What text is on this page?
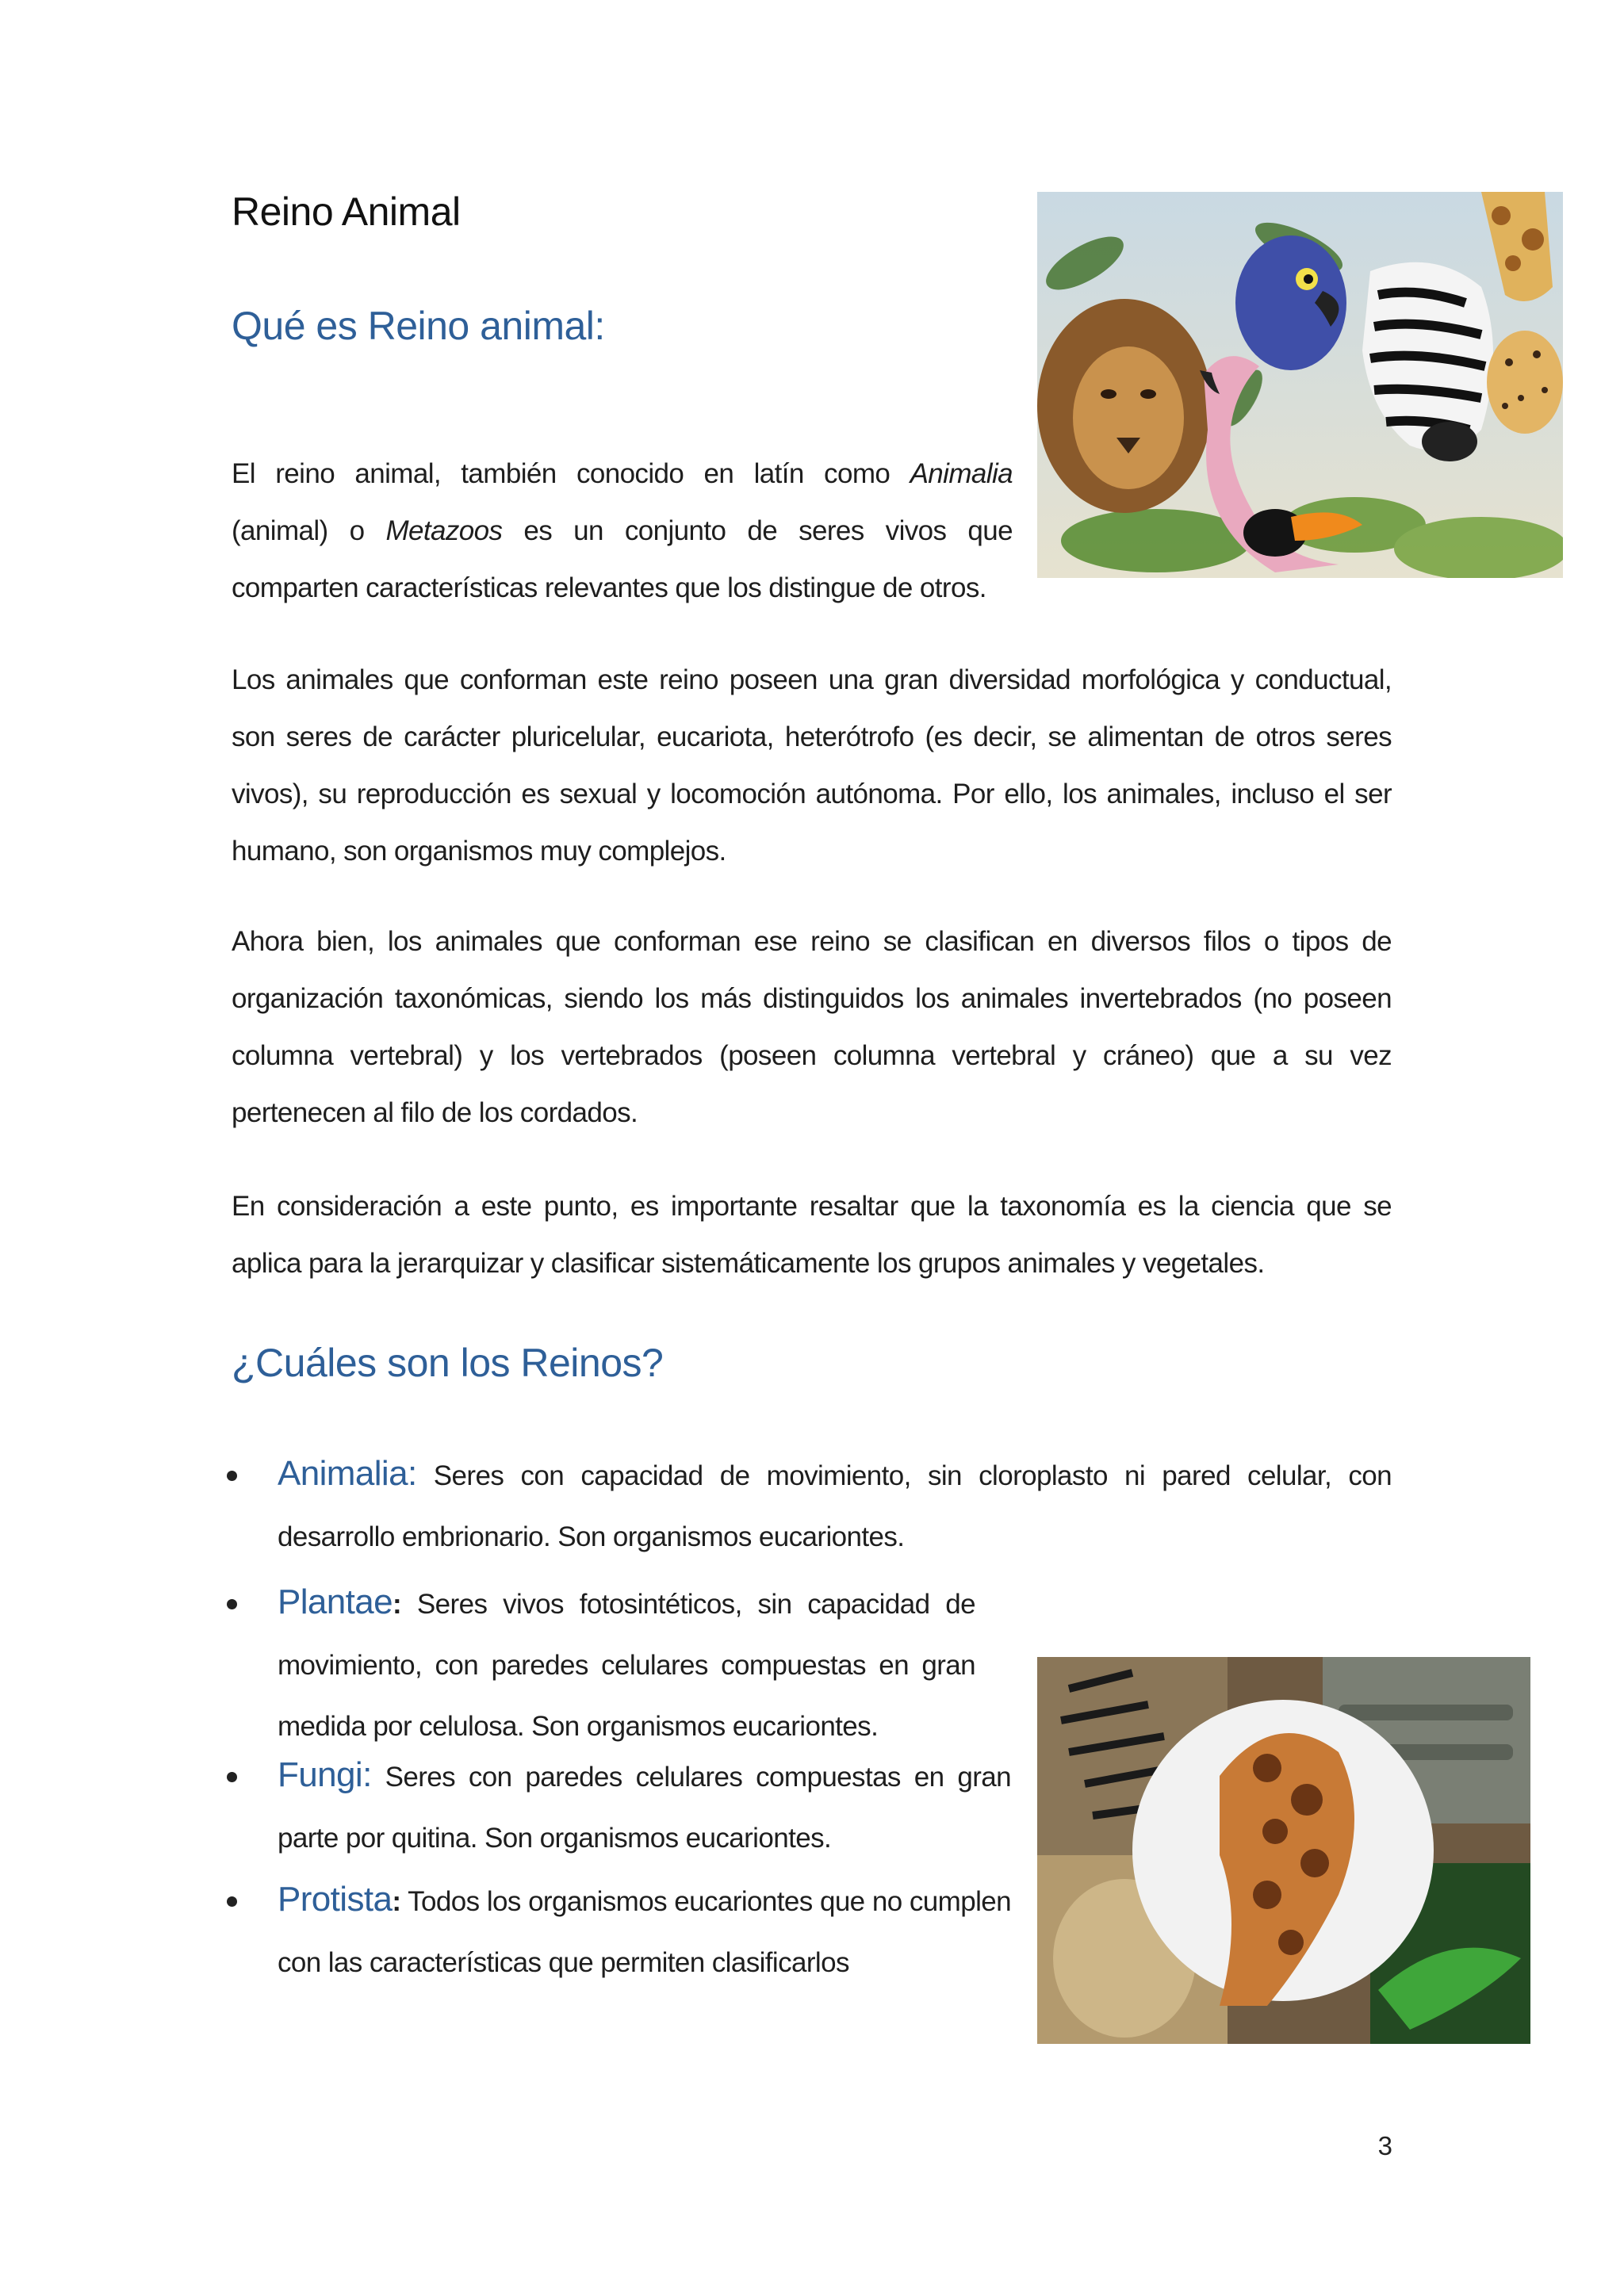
Reino Animal
Qué es Reino animal:

El reino animal, también conocido en latín como Animalia (animal) o Metazoos es un conjunto de seres vivos que comparten características relevantes que los distingue de otros.

Los animales que conforman este reino poseen una gran diversidad morfológica y conductual, son seres de carácter pluricelular, eucariota, heterótrofo (es decir, se alimentan de otros seres vivos), su reproducción es sexual y locomoción autónoma. Por ello, los animales, incluso el ser humano, son organismos muy complejos.

Ahora bien, los animales que conforman ese reino se clasifican en diversos filos o tipos de organización taxonómicas, siendo los más distinguidos los animales invertebrados (no poseen columna vertebral) y los vertebrados (poseen columna vertebral y cráneo) que a su vez pertenecen al filo de los cordados.

En consideración a este punto, es importante resaltar que la taxonomía es la ciencia que se aplica para la jerarquizar y clasificar sistemáticamente los grupos animales y vegetales.

¿Cuáles son los Reinos?
Animalia: Seres con capacidad de movimiento, sin cloroplasto ni pared celular, con desarrollo embrionario. Son organismos eucariontes.
Plantae: Seres vivos fotosintéticos, sin capacidad de movimiento, con paredes celulares compuestas en gran medida por celulosa. Son organismos eucariontes.
Fungi: Seres con paredes celulares compuestas en gran parte por quitina. Son organismos eucariontes.
Protista: Todos los organismos eucariontes que no cumplen con las características que permiten clasificarlos
3
